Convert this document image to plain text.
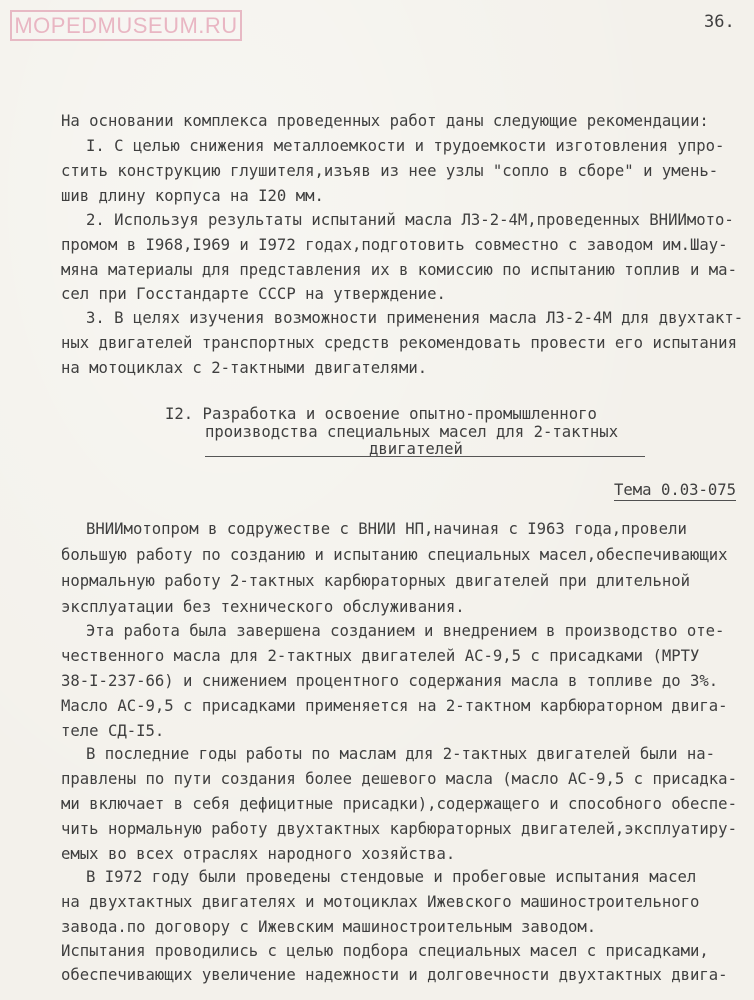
MOPEDMUSEUM.RU	36.
На основании комплекса проведенных работ даны следующие рекомендации:
I. С целью снижения металлоемкости и трудоемкости изготовления упро-
стить конструкцию глушителя,изъяв из нее узлы "сопло в сборе" и умень-
шив длину корпуса на I20 мм.
2. Используя результаты испытаний масла ЛЗ-2-4М,проведенных ВНИИмото-
промом в I968,I969 и I972 годах,подготовить совместно с заводом им.Шау-
мяна материалы для представления их в комиссию по испытанию топлив и ма-
сел при Госстандарте СССР на утверждение.
3. В целях изучения возможности применения масла ЛЗ-2-4М для двухтакт-
ных двигателей транспортных средств рекомендовать провести его испытания
на мотоциклах с 2-тактными двигателями.
I2. Разработка и освоение опытно-промышленного
производства специальных масел для 2-тактных
двигателей
Тема 0.03-075
ВНИИмотопром в содружестве с ВНИИ НП,начиная с I963 года,провели
большую работу по созданию и испытанию специальных масел,обеспечивающих
нормальную работу 2-тактных карбюраторных двигателей при длительной
эксплуатации без технического обслуживания.
Эта работа была завершена созданием и внедрением в производство оте-
чественного масла для 2-тактных двигателей АС-9,5 с присадками (МРТУ
38-I-237-66) и снижением процентного содержания масла в топливе до 3%.
Масло АС-9,5 с присадками применяется на 2-тактном карбюраторном двига-
теле СД-I5.
В последние годы работы по маслам для 2-тактных двигателей были на-
правлены по пути создания более дешевого масла (масло АС-9,5 с присадка-
ми включает в себя дефицитные присадки),содержащего и способного обеспе-
чить нормальную работу двухтактных карбюраторных двигателей,эксплуатиру-
емых во всех отраслях народного хозяйства.
В I972 году были проведены стендовые и пробеговые испытания масел
на двухтактных двигателях и мотоциклах Ижевского машиностроительного
завода.по договору с Ижевским машиностроительным заводом.
Испытания проводились с целью подбора специальных масел с присадками,
обеспечивающих увеличение надежности и долговечности двухтактных двига-
